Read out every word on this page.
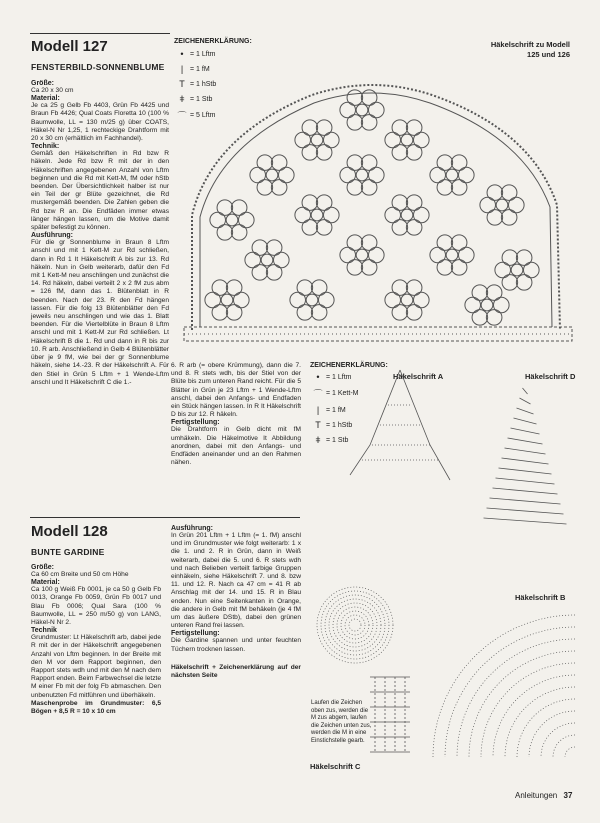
Modell 127
FENSTERBILD-SONNENBLUME
Größe:
Ca 20 x 30 cm
Material:
Je ca 25 g Gelb Fb 4403, Grün Fb 4425 und Braun Fb 4426; Qual Coats Floretta 10 (100 % Baumwolle, LL = 130 m/25 g) über COATS, Häkel-N Nr 1,25, 1 rechteckige Drahtform mit 20 x 30 cm (erhältlich im Fachhandel).
Technik:
Gemäß den Häkelschriften in Rd bzw R häkeln. Jede Rd bzw R mit der in den Häkelschriften angegebenen Anzahl von Lftm beginnen und die Rd mit Kett-M, fM oder hStb beenden. Der Übersichtlichkeit halber ist nur ein Teil der gr Blüte gezeichnet, die Rd mustergemäß beenden. Die Zahlen geben die Rd bzw R an. Die Endfäden immer etwas länger hängen lassen, um die Motive damit später befestigt zu können.
Ausführung:
Für die gr Sonnenblume in Braun 8 Lftm anschl und mit 1 Kett-M zur Rd schließen, dann in Rd 1 It Häkelschrift A bis zur 13. Rd häkeln. Nun in Gelb weiterarb, dafür den Fd mit 1 Kett-M neu anschlingen und zunächst die 14. Rd häkeln, dabei verteilt 2 x 2 fM zus abm = 126 fM, dann das 1. Blütenblatt in R beenden. Nach der 23. R den Fd hängen lassen. Für die folg 13 Blütenblätter den Fd jeweils neu anschlingen und wie das 1. Blatt beenden. Für die Viertelblüte in Braun 8 Lftm anschl und mit 1 Kett-M zur Rd schließen. Lt Häkelschrift B die 1. Rd und dann in R bis zur 10. R arb. Anschließend in Gelb 4 Blütenblätter über je 9 fM, wie bei der gr Sonnenblume häkeln, siehe 14.-23. R der Häkelschrift A. Für den Stiel in Grün 5 Lftm + 1 Wende-Lftm anschl und It Häkelschrift C die 1.-
6. R arb (= obere Krümmung), dann die 7. und 8. R stets wdh, bis der Stiel von der Blüte bis zum unteren Rand reicht. Für die 5 Blätter in Grün je 23 Lftm + 1 Wende-Lftm anschl, dabei den Anfangs- und Endfaden ein Stück hängen lassen. In R It Häkelschrift D bis zur 12. R häkeln.
Fertigstellung:
Die Drahtform in Gelb dicht mit fM umhäkeln. Die Häkelmotive It Abbildung anordnen, dabei mit den Anfangs- und Endfäden aneinander und an den Rahmen nähen.
ZEICHENERKLÄRUNG:
• = 1 Lftm
| = 1 fM
T = 1 hStb
ǂ = 1 Stb
⌒ = 5 Lftm
Häkelschrift zu Modell
125 und 126
ZEICHENERKLÄRUNG:
• = 1 Lftm
⌒ = 1 Kett-M
| = 1 fM
T = 1 hStb
ǂ = 1 Stb
Häkelschrift A	Häkelschrift D
Häkelschrift B
Häkelschrift C
Laufen die Zeichen oben zus, werden die M zus abgem, laufen die Zeichen unten zus, werden die M in eine Einstichstelle gearb.
Modell 128
BUNTE GARDINE
Größe:
Ca 60 cm Breite und 50 cm Höhe
Material:
Ca 100 g Weiß Fb 0001, je ca 50 g Gelb Fb 0013, Orange Fb 0059, Grün Fb 0017 und Blau Fb 0006; Qual Sara (100 % Baumwolle, LL = 250 m/50 g) von LANG, Häkel-N Nr 2.
Technik
Grundmuster: Lt Häkelschrift arb, dabei jede R mit der in der Häkelschrift angegebenen Anzahl von Lftm beginnen. In der Breite mit den M vor dem Rapport beginnen, den Rapport stets wdh und mit den M nach dem Rapport enden. Beim Farbwechsel die letzte M einer Fb mit der folg Fb abmaschen. Den unbenutzten Fd mitführen und überhäkeln.
Maschenprobe im Grundmuster: 6,5 Bögen + 8,5 R = 10 x 10 cm
Ausführung:
In Grün 201 Lftm + 1 Lftm (= 1. fM) anschl und im Grundmuster wie folgt weiterarb: 1 x die 1. und 2. R in Grün, dann in Weiß weiterarb, dabei die 5. und 6. R stets wdh und nach Belieben verteilt farbige Gruppen einhäkeln, siehe Häkelschrift 7. und 8. bzw 11. und 12. R. Nach ca 47 cm = 41 R ab Anschlag mit der 14. und 15. R in Blau enden. Nun eine Seitenkanten in Orange, die andere in Gelb mit fM behäkeln (je 4 fM um das äußere DStb), dabei den grünen unteren Rand frei lassen.
Fertigstellung:
Die Gardine spannen und unter feuchten Tüchern trocknen lassen.
Häkelschrift + Zeichenerklärung auf der nächsten Seite
Anleitungen 37
